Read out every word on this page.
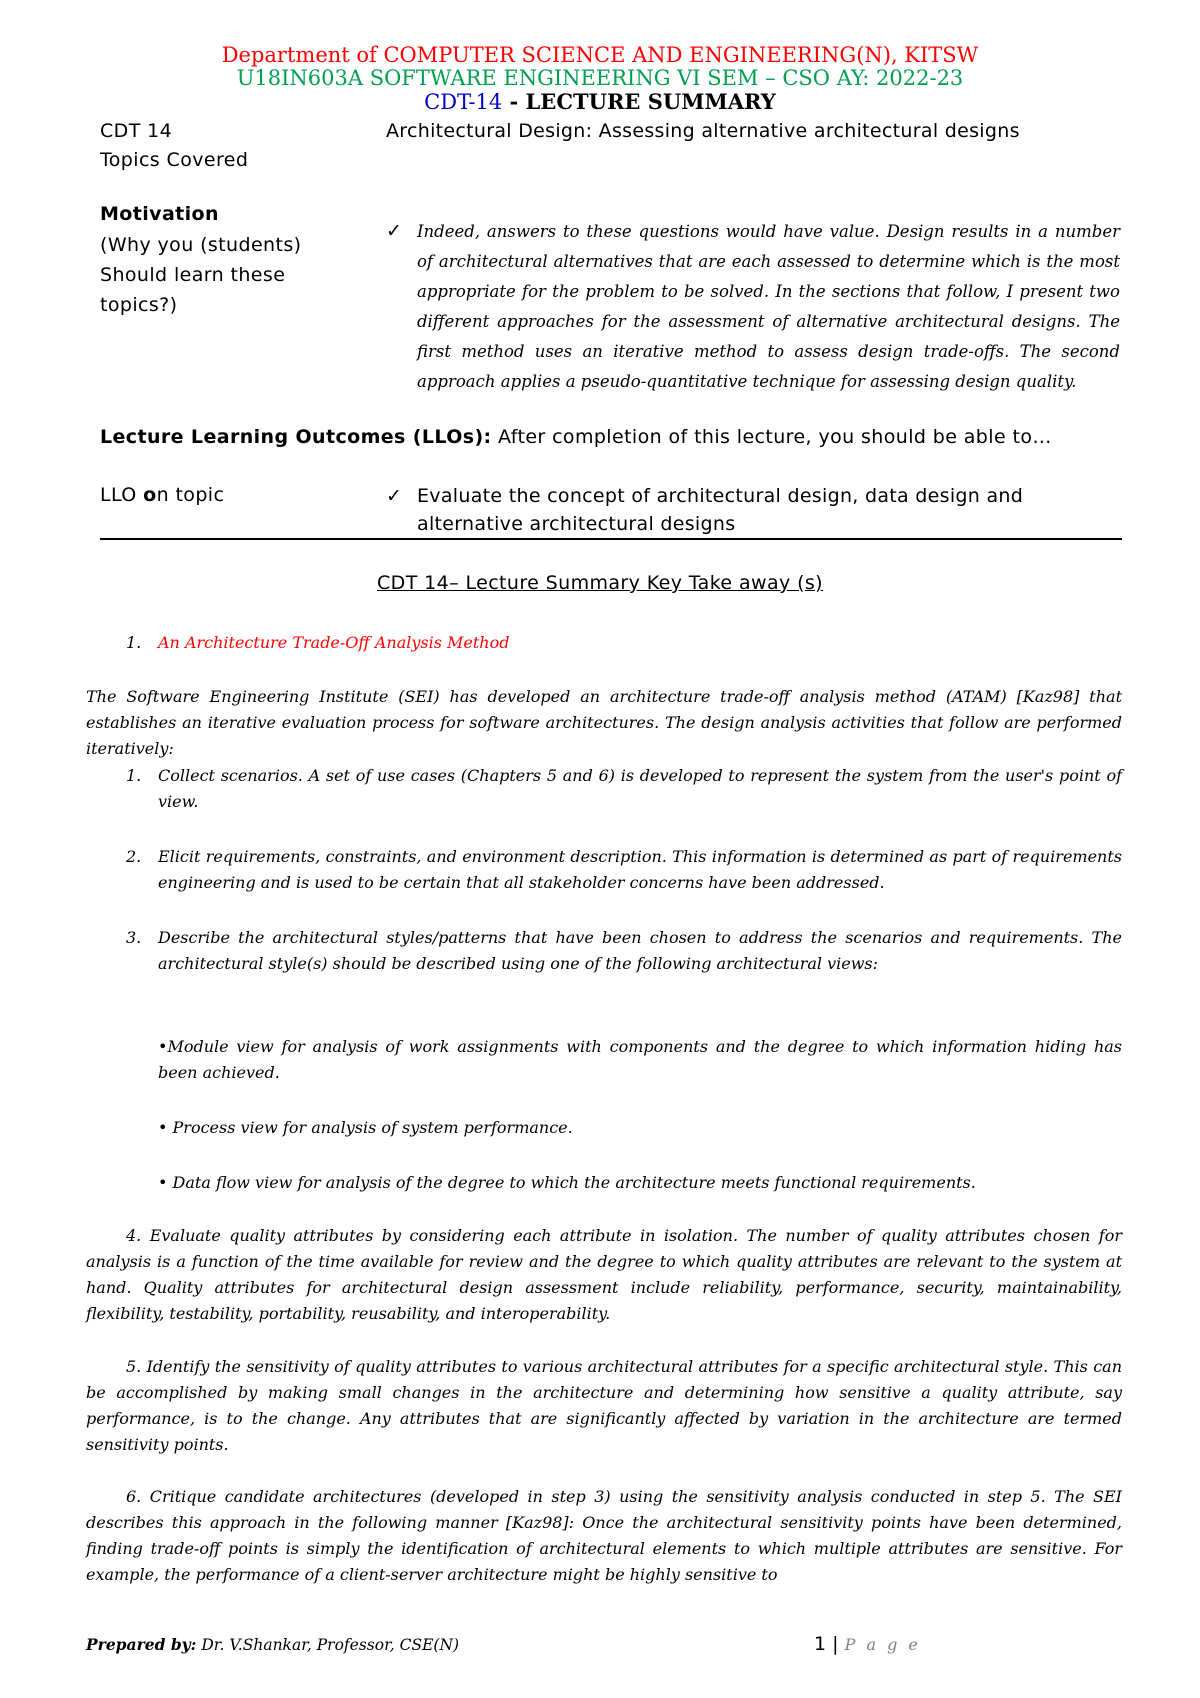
Department of COMPUTER SCIENCE AND ENGINEERING(N), KITSW
U18IN603A SOFTWARE ENGINEERING VI SEM – CSO AY: 2022-23
CDT-14 - LECTURE SUMMARY
CDT 14
Topics Covered
Architectural Design: Assessing alternative architectural designs
Motivation
(Why you (students)
Should learn these
topics?)
✓ Indeed, answers to these questions would have value. Design results in a number of architectural alternatives that are each assessed to determine which is the most appropriate for the problem to be solved. In the sections that follow, I present two different approaches for the assessment of alternative architectural designs. The first method uses an iterative method to assess design trade-offs. The second approach applies a pseudo-quantitative technique for assessing design quality.
Lecture Learning Outcomes (LLOs): After completion of this lecture, you should be able to…
LLO on topic	✓ Evaluate the concept of architectural design, data design and alternative architectural designs
CDT 14– Lecture Summary Key Take away (s)
1. An Architecture Trade-Off Analysis Method
The Software Engineering Institute (SEI) has developed an architecture trade-off analysis method (ATAM) [Kaz98] that establishes an iterative evaluation process for software architectures. The design analysis activities that follow are performed iteratively:
1. Collect scenarios. A set of use cases (Chapters 5 and 6) is developed to represent the system from the user's point of view.
2. Elicit requirements, constraints, and environment description. This information is determined as part of requirements engineering and is used to be certain that all stakeholder concerns have been addressed.
3. Describe the architectural styles/patterns that have been chosen to address the scenarios and requirements. The architectural style(s) should be described using one of the following architectural views:
•Module view for analysis of work assignments with components and the degree to which information hiding has been achieved.
• Process view for analysis of system performance.
• Data flow view for analysis of the degree to which the architecture meets functional requirements.
4. Evaluate quality attributes by considering each attribute in isolation. The number of quality attributes chosen for analysis is a function of the time available for review and the degree to which quality attributes are relevant to the system at hand. Quality attributes for architectural design assessment include reliability, performance, security, maintainability, flexibility, testability, portability, reusability, and interoperability.
5. Identify the sensitivity of quality attributes to various architectural attributes for a specific architectural style. This can be accomplished by making small changes in the architecture and determining how sensitive a quality attribute, say performance, is to the change. Any attributes that are significantly affected by variation in the architecture are termed sensitivity points.
6. Critique candidate architectures (developed in step 3) using the sensitivity analysis conducted in step 5. The SEI describes this approach in the following manner [Kaz98]: Once the architectural sensitivity points have been determined, finding trade-off points is simply the identification of architectural elements to which multiple attributes are sensitive. For example, the performance of a client-server architecture might be highly sensitive to
Prepared by: Dr. V.Shankar, Professor, CSE(N)	1 | P a g e
